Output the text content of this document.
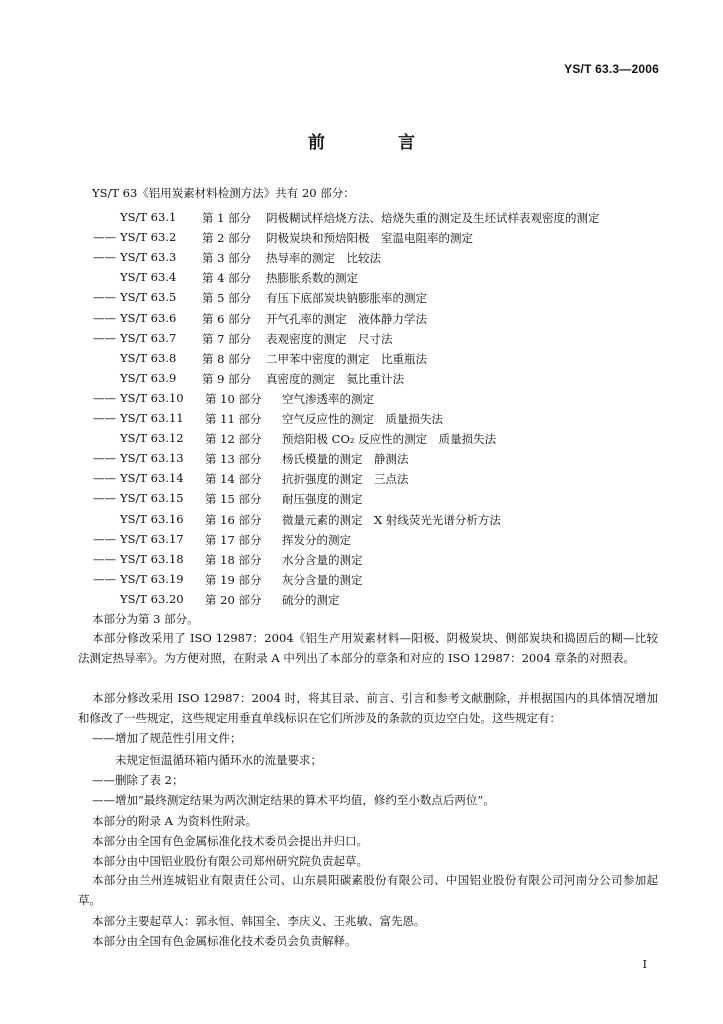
YS/T 63.3—2006
前　言
YS/T 63《铝用炭素材料检测方法》共有 20 部分：
YS/T 63.1 第 1 部分 阴极糊试样焙烧方法、焙烧失重的测定及生坯试样表观密度的测定
—— YS/T 63.2 第 2 部分 阴极炭块和预焙阳极　室温电阻率的测定
—— YS/T 63.3 第 3 部分 热导率的测定　比较法
YS/T 63.4 第 4 部分 热膨胀系数的测定
—— YS/T 63.5 第 5 部分 有压下底部炭块钠膨胀率的测定
—— YS/T 63.6 第 6 部分 开气孔率的测定　液体静力学法
—— YS/T 63.7 第 7 部分 表观密度的测定　尺寸法
YS/T 63.8 第 8 部分 二甲苯中密度的测定　比重瓶法
YS/T 63.9 第 9 部分 真密度的测定　氦比重计法
—— YS/T 63.10 第 10 部分 空气渗透率的测定
—— YS/T 63.11 第 11 部分 空气反应性的测定　质量损失法
YS/T 63.12 第 12 部分 预焙阳极 CO₂ 反应性的测定　质量损失法
—— YS/T 63.13 第 13 部分 杨氏模量的测定　静测法
—— YS/T 63.14 第 14 部分 抗折强度的测定　三点法
—— YS/T 63.15 第 15 部分 耐压强度的测定
YS/T 63.16 第 16 部分 微量元素的测定　X 射线荧光光谱分析方法
—— YS/T 63.17 第 17 部分 挥发分的测定
—— YS/T 63.18 第 18 部分 水分含量的测定
—— YS/T 63.19 第 19 部分 灰分含量的测定
YS/T 63.20 第 20 部分 硫分的测定
本部分为第 3 部分。
本部分修改采用了 ISO 12987：2004《铝生产用炭素材料—阳极、阴极炭块、侧部炭块和捣固后的糊—比较法测定热导率》。为方便对照，在附录 A 中列出了本部分的章条和对应的 ISO 12987：2004 章条的对照表。
本部分修改采用 ISO 12987：2004 时，将其目录、前言、引言和参考文献删除，并根据国内的具体情况增加和修改了一些规定，这些规定用垂直单线标识在它们所涉及的条款的页边空白处。这些规定有：
——增加了规范性引用文件；
　　未规定恒温循环箱内循环水的流量要求；
——删除了表 2；
——增加“最终测定结果为两次测定结果的算术平均值，修约至小数点后两位”。
本部分的附录 A 为资料性附录。
本部分由全国有色金属标准化技术委员会提出并归口。
本部分由中国铝业股份有限公司郑州研究院负责起草。
本部分由兰州连城铝业有限责任公司、山东晨阳碳素股份有限公司、中国铝业股份有限公司河南分公司参加起草。
本部分主要起草人：郭永恒、韩国全、李庆义、王兆敏、富先恩。
本部分由全国有色金属标准化技术委员会负责解释。
I
